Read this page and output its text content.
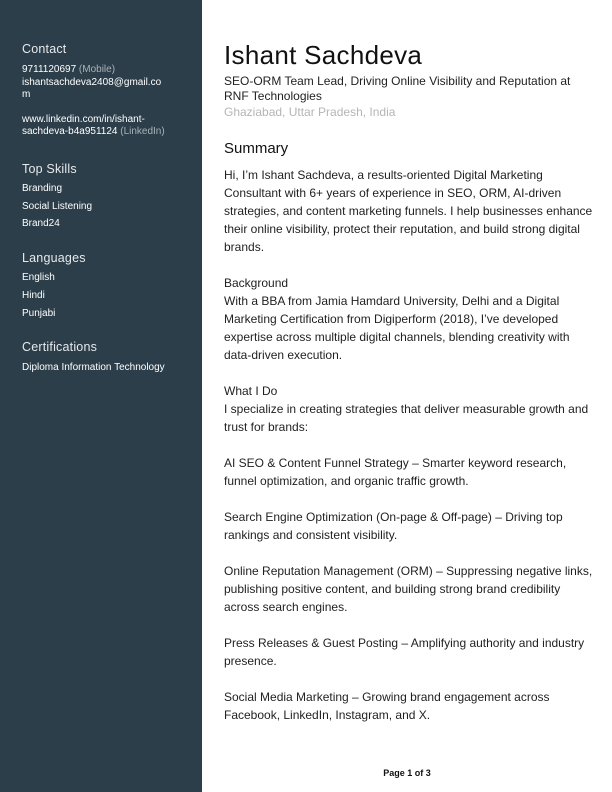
Contact
9711120697 (Mobile)
ishantsachdeva2408@gmail.co
m
www.linkedin.com/in/ishant-
sachdeva-b4a951124 (LinkedIn)
Top Skills
Branding
Social Listening
Brand24
Languages
English
Hindi
Punjabi
Certifications
Diploma Information Technology
Ishant Sachdeva
SEO-ORM Team Lead, Driving Online Visibility and Reputation at RNF Technologies
Ghaziabad, Uttar Pradesh, India
Summary

Hi, I’m Ishant Sachdeva, a results-oriented Digital Marketing Consultant with 6+ years of experience in SEO, ORM, AI-driven strategies, and content marketing funnels. I help businesses enhance their online visibility, protect their reputation, and build strong digital brands.

Background
With a BBA from Jamia Hamdard University, Delhi and a Digital Marketing Certification from Digiperform (2018), I’ve developed expertise across multiple digital channels, blending creativity with data-driven execution.

What I Do
I specialize in creating strategies that deliver measurable growth and trust for brands:

AI SEO & Content Funnel Strategy – Smarter keyword research, funnel optimization, and organic traffic growth.

Search Engine Optimization (On-page & Off-page) – Driving top rankings and consistent visibility.

Online Reputation Management (ORM) – Suppressing negative links, publishing positive content, and building strong brand credibility across search engines.

Press Releases & Guest Posting – Amplifying authority and industry presence.

Social Media Marketing – Growing brand engagement across Facebook, LinkedIn, Instagram, and X.

Page 1 of 3
